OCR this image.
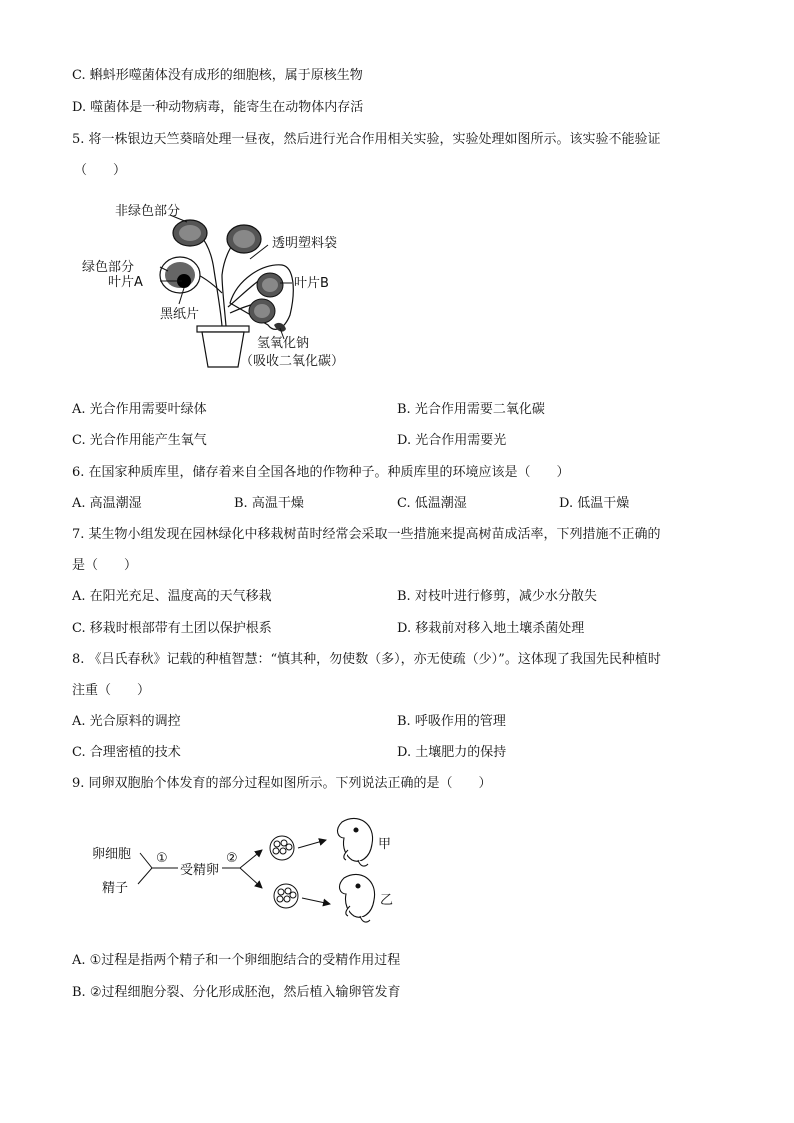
C. 蝌蚪形噬菌体没有成形的细胞核，属于原核生物
D. 噬菌体是一种动物病毒，能寄生在动物体内存活
5. 将一株银边天竺葵暗处理一昼夜，然后进行光合作用相关实验，实验处理如图所示。该实验不能验证
（　　）
非绿色部分
绿色部分
叶片A
黑纸片
透明塑料袋
叶片B
氢氧化钠
（吸收二氧化碳）
A. 光合作用需要叶绿体	B. 光合作用需要二氧化碳
C. 光合作用能产生氧气	D. 光合作用需要光
6. 在国家种质库里，储存着来自全国各地的作物种子。种质库里的环境应该是（　　）
A. 高温潮湿	B. 高温干燥	C. 低温潮湿	D. 低温干燥
7. 某生物小组发现在园林绿化中移栽树苗时经常会采取一些措施来提高树苗成活率，下列措施不正确的
是（　　）
A. 在阳光充足、温度高的天气移栽	B. 对枝叶进行修剪，减少水分散失
C. 移栽时根部带有土团以保护根系	D. 移栽前对移入地土壤杀菌处理
8. 《吕氏春秋》记载的种植智慧：“慎其种，勿使数（多），亦无使疏（少）”。这体现了我国先民种植时
注重（　　）
A. 光合原料的调控	B. 呼吸作用的管理
C. 合理密植的技术	D. 土壤肥力的保持
9. 同卵双胞胎个体发育的部分过程如图所示。下列说法正确的是（　　）
卵细胞
精子
①
受精卵
②
甲
乙
A. ①过程是指两个精子和一个卵细胞结合的受精作用过程
B. ②过程细胞分裂、分化形成胚泡，然后植入输卵管发育
